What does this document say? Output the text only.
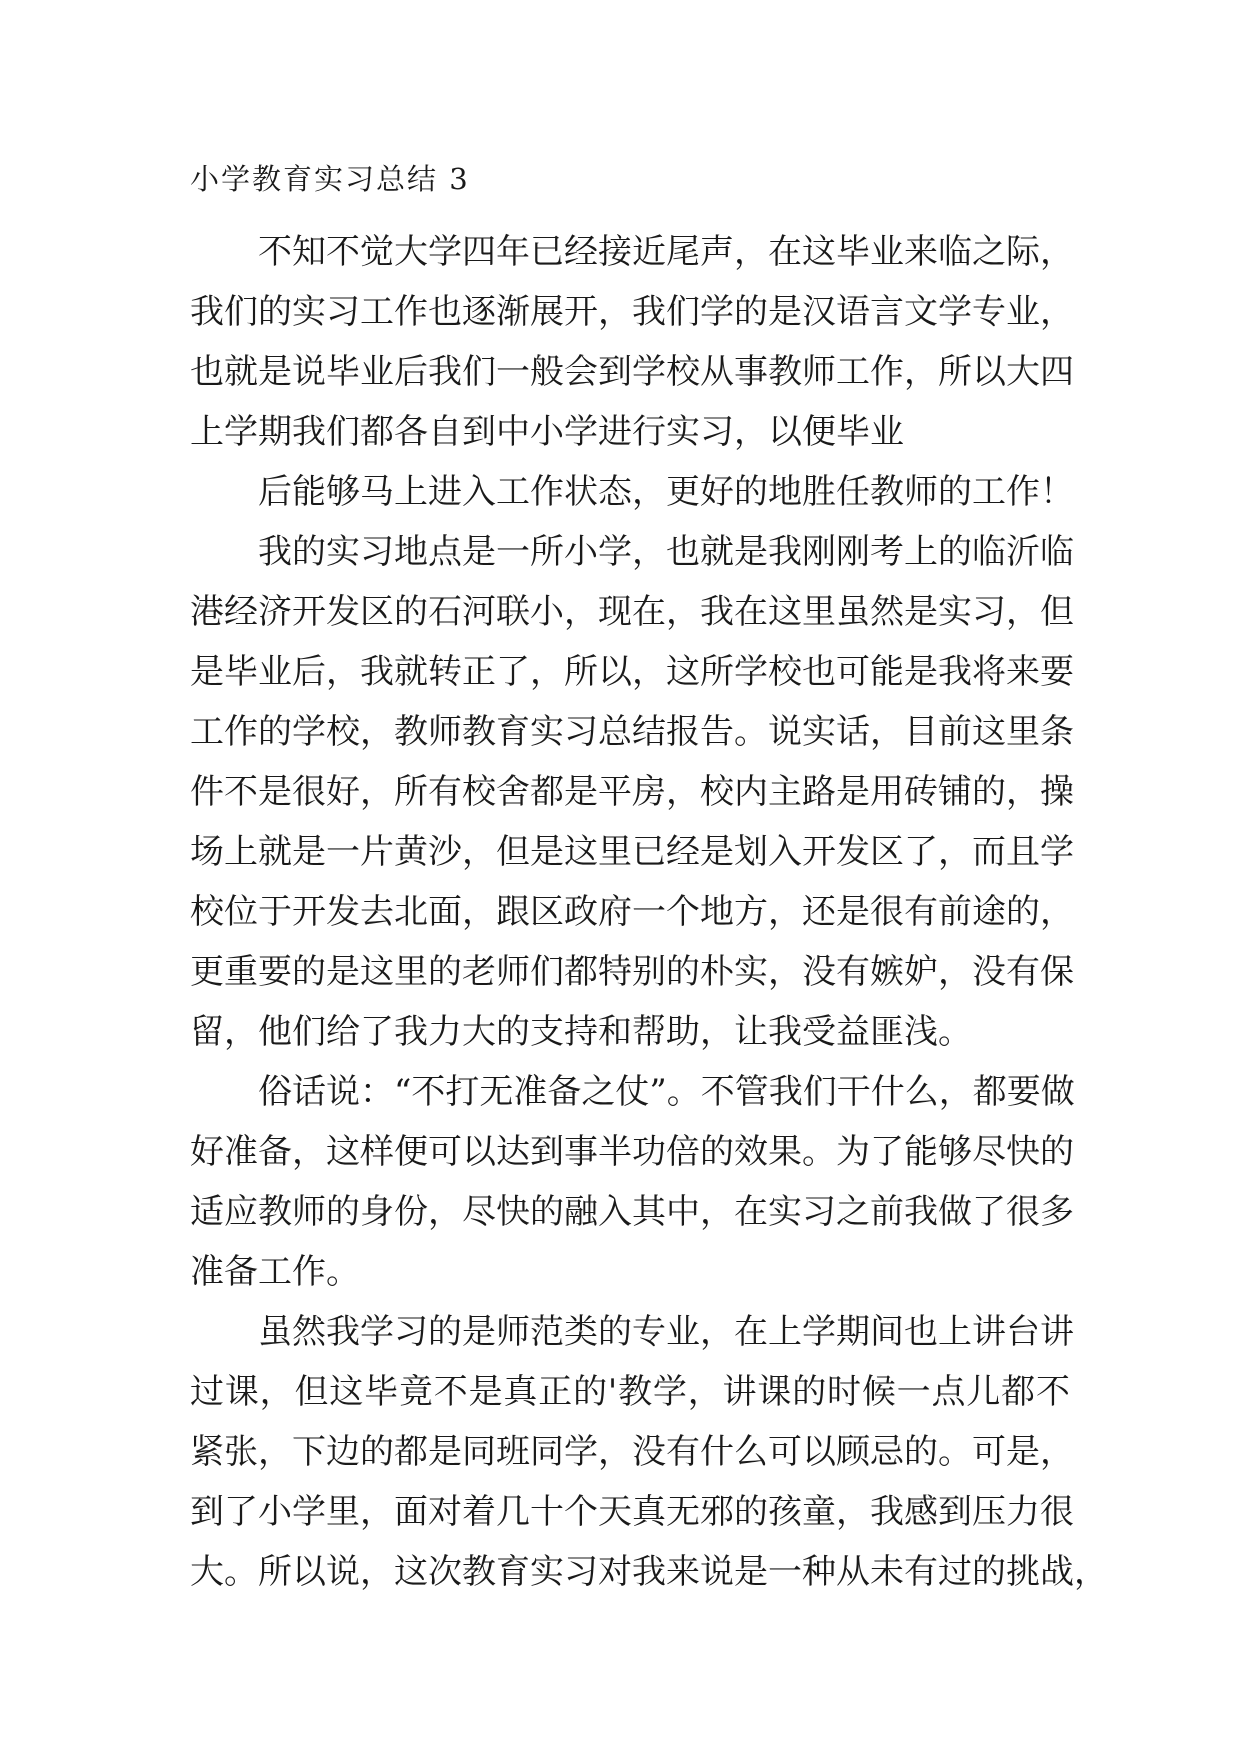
小学教育实习总结 3
不知不觉大学四年已经接近尾声，在这毕业来临之际，
我们的实习工作也逐渐展开，我们学的是汉语言文学专业，
也就是说毕业后我们一般会到学校从事教师工作，所以大四
上学期我们都各自到中小学进行实习，以便毕业
后能够马上进入工作状态，更好的地胜任教师的工作！
我的实习地点是一所小学，也就是我刚刚考上的临沂临
港经济开发区的石河联小，现在，我在这里虽然是实习，但
是毕业后，我就转正了，所以，这所学校也可能是我将来要
工作的学校，教师教育实习总结报告。说实话，目前这里条
件不是很好，所有校舍都是平房，校内主路是用砖铺的，操
场上就是一片黄沙，但是这里已经是划入开发区了，而且学
校位于开发去北面，跟区政府一个地方，还是很有前途的，
更重要的是这里的老师们都特别的朴实，没有嫉妒，没有保
留，他们给了我力大的支持和帮助，让我受益匪浅。
俗话说：“不打无准备之仗”。不管我们干什么，都要做
好准备，这样便可以达到事半功倍的效果。为了能够尽快的
适应教师的身份，尽快的融入其中，在实习之前我做了很多
准备工作。
虽然我学习的是师范类的专业，在上学期间也上讲台讲
过课，但这毕竟不是真正的'教学，讲课的时候一点儿都不
紧张，下边的都是同班同学，没有什么可以顾忌的。可是，
到了小学里，面对着几十个天真无邪的孩童，我感到压力很
大。所以说，这次教育实习对我来说是一种从未有过的挑战，
